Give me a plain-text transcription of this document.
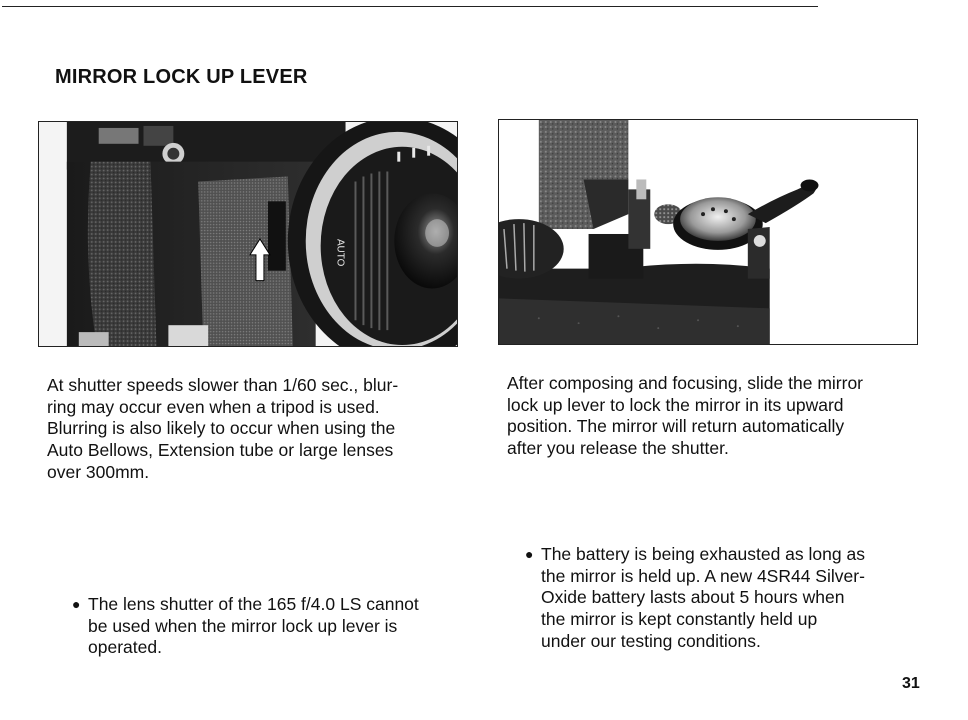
MIRROR LOCK UP LEVER
AUTO
At shutter speeds slower than 1/60 sec., blur-
ring may occur even when a tripod is used.
Blurring is also likely to occur when using the
Auto Bellows, Extension tube or large lenses
over 300mm.
After composing and focusing, slide the mirror
lock up lever to lock the mirror in its upward
position. The mirror will return automatically
after you release the shutter.
● The lens shutter of the 165 f/4.0 LS cannot
be used when the mirror lock up lever is
operated.
● The battery is being exhausted as long as
the mirror is held up. A new 4SR44 Silver-
Oxide battery lasts about 5 hours when
the mirror is kept constantly held up
under our testing conditions.
31
